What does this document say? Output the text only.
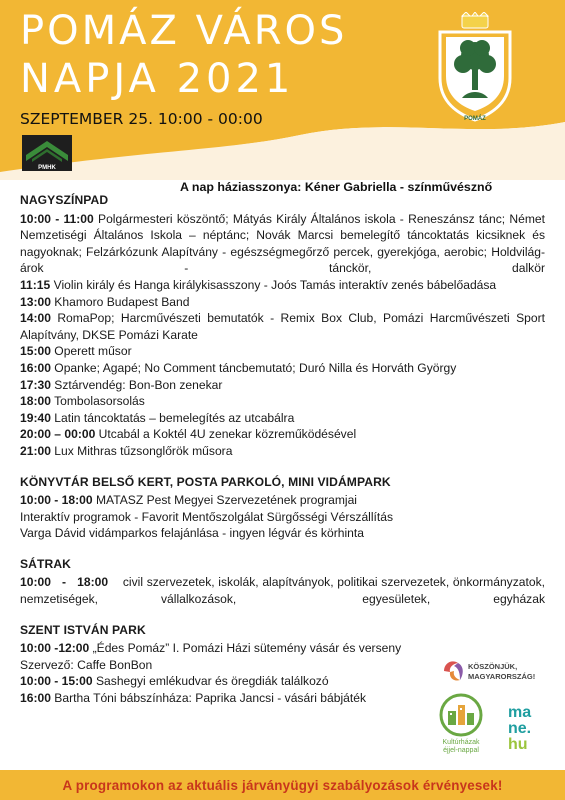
POMÁZ VÁROS
NAPJA 2021
SZEPTEMBER 25. 10:00 - 00:00	POMÁZ
PMHK
A nap háziasszonya: Kéner Gabriella - színművésznő
NAGYSZÍNPAD

10:00 - 11:00 Polgármesteri köszöntő; Mátyás Király Általános iskola - Reneszánsz tánc; Német Nemzetiségi Általános Iskola – néptánc; Novák Marcsi bemelegítő táncoktatás kicsiknek és nagyoknak; Felzárkózunk Alapítvány - egészségmegőrző percek, gyerekjóga, aerobic; Holdvilág-árok - tánckör, dalkör

11:15 Violin király és Hanga királykisasszony - Joós Tamás interaktív zenés bábelőadása

13:00 Khamoro Budapest Band

14:00 RomaPop; Harcművészeti bemutatók - Remix Box Club, Pomázi Harcművészeti Sport Alapítvány, DKSE Pomázi Karate

15:00 Operett műsor

16:00 Opanke; Agapé; No Comment táncbemutató; Duró Nilla és Horváth György

17:30 Sztárvendég: Bon-Bon zenekar

18:00 Tombolasorsolás

19:40 Latin táncoktatás – bemelegítés az utcabálra

20:00 – 00:00 Utcabál a Koktél 4U zenekar közreműködésével

21:00 Lux Mithras tűzsonglőrök műsora

KÖNYVTÁR BELSŐ KERT, POSTA PARKOLÓ, MINI VIDÁMPARK

10:00 - 18:00 MATASZ Pest Megyei Szervezetének programjai

Interaktív programok - Favorit Mentőszolgálat Sürgősségi Vérszállítás

Varga Dávid vidámparkos felajánlása - ingyen légvár és körhinta

SÁTRAK

10:00   -   18:00    civil szervezetek, iskolák, alapítványok, politikai szervezetek, önkormányzatok, nemzetiségek, vállalkozások,  egyesületek, egyházak

SZENT ISTVÁN PARK

10:00 -12:00 „Édes Pomáz” I. Pomázi Házi sütemény vásár és verseny

Szervező: Caffe BonBon

10:00 - 15:00 Sashegyi emlékudvar és öregdiák találkozó

16:00 Bartha Tóni bábszínháza: Paprika Jancsi - vásári bábjáték

KÖSZÖNJÜK,
MAGYARORSZÁG!
Kultúrházak
éjjel-nappal
ma
ne.
hu
A programokon az aktuális járványügyi szabályozások érvényesek!
